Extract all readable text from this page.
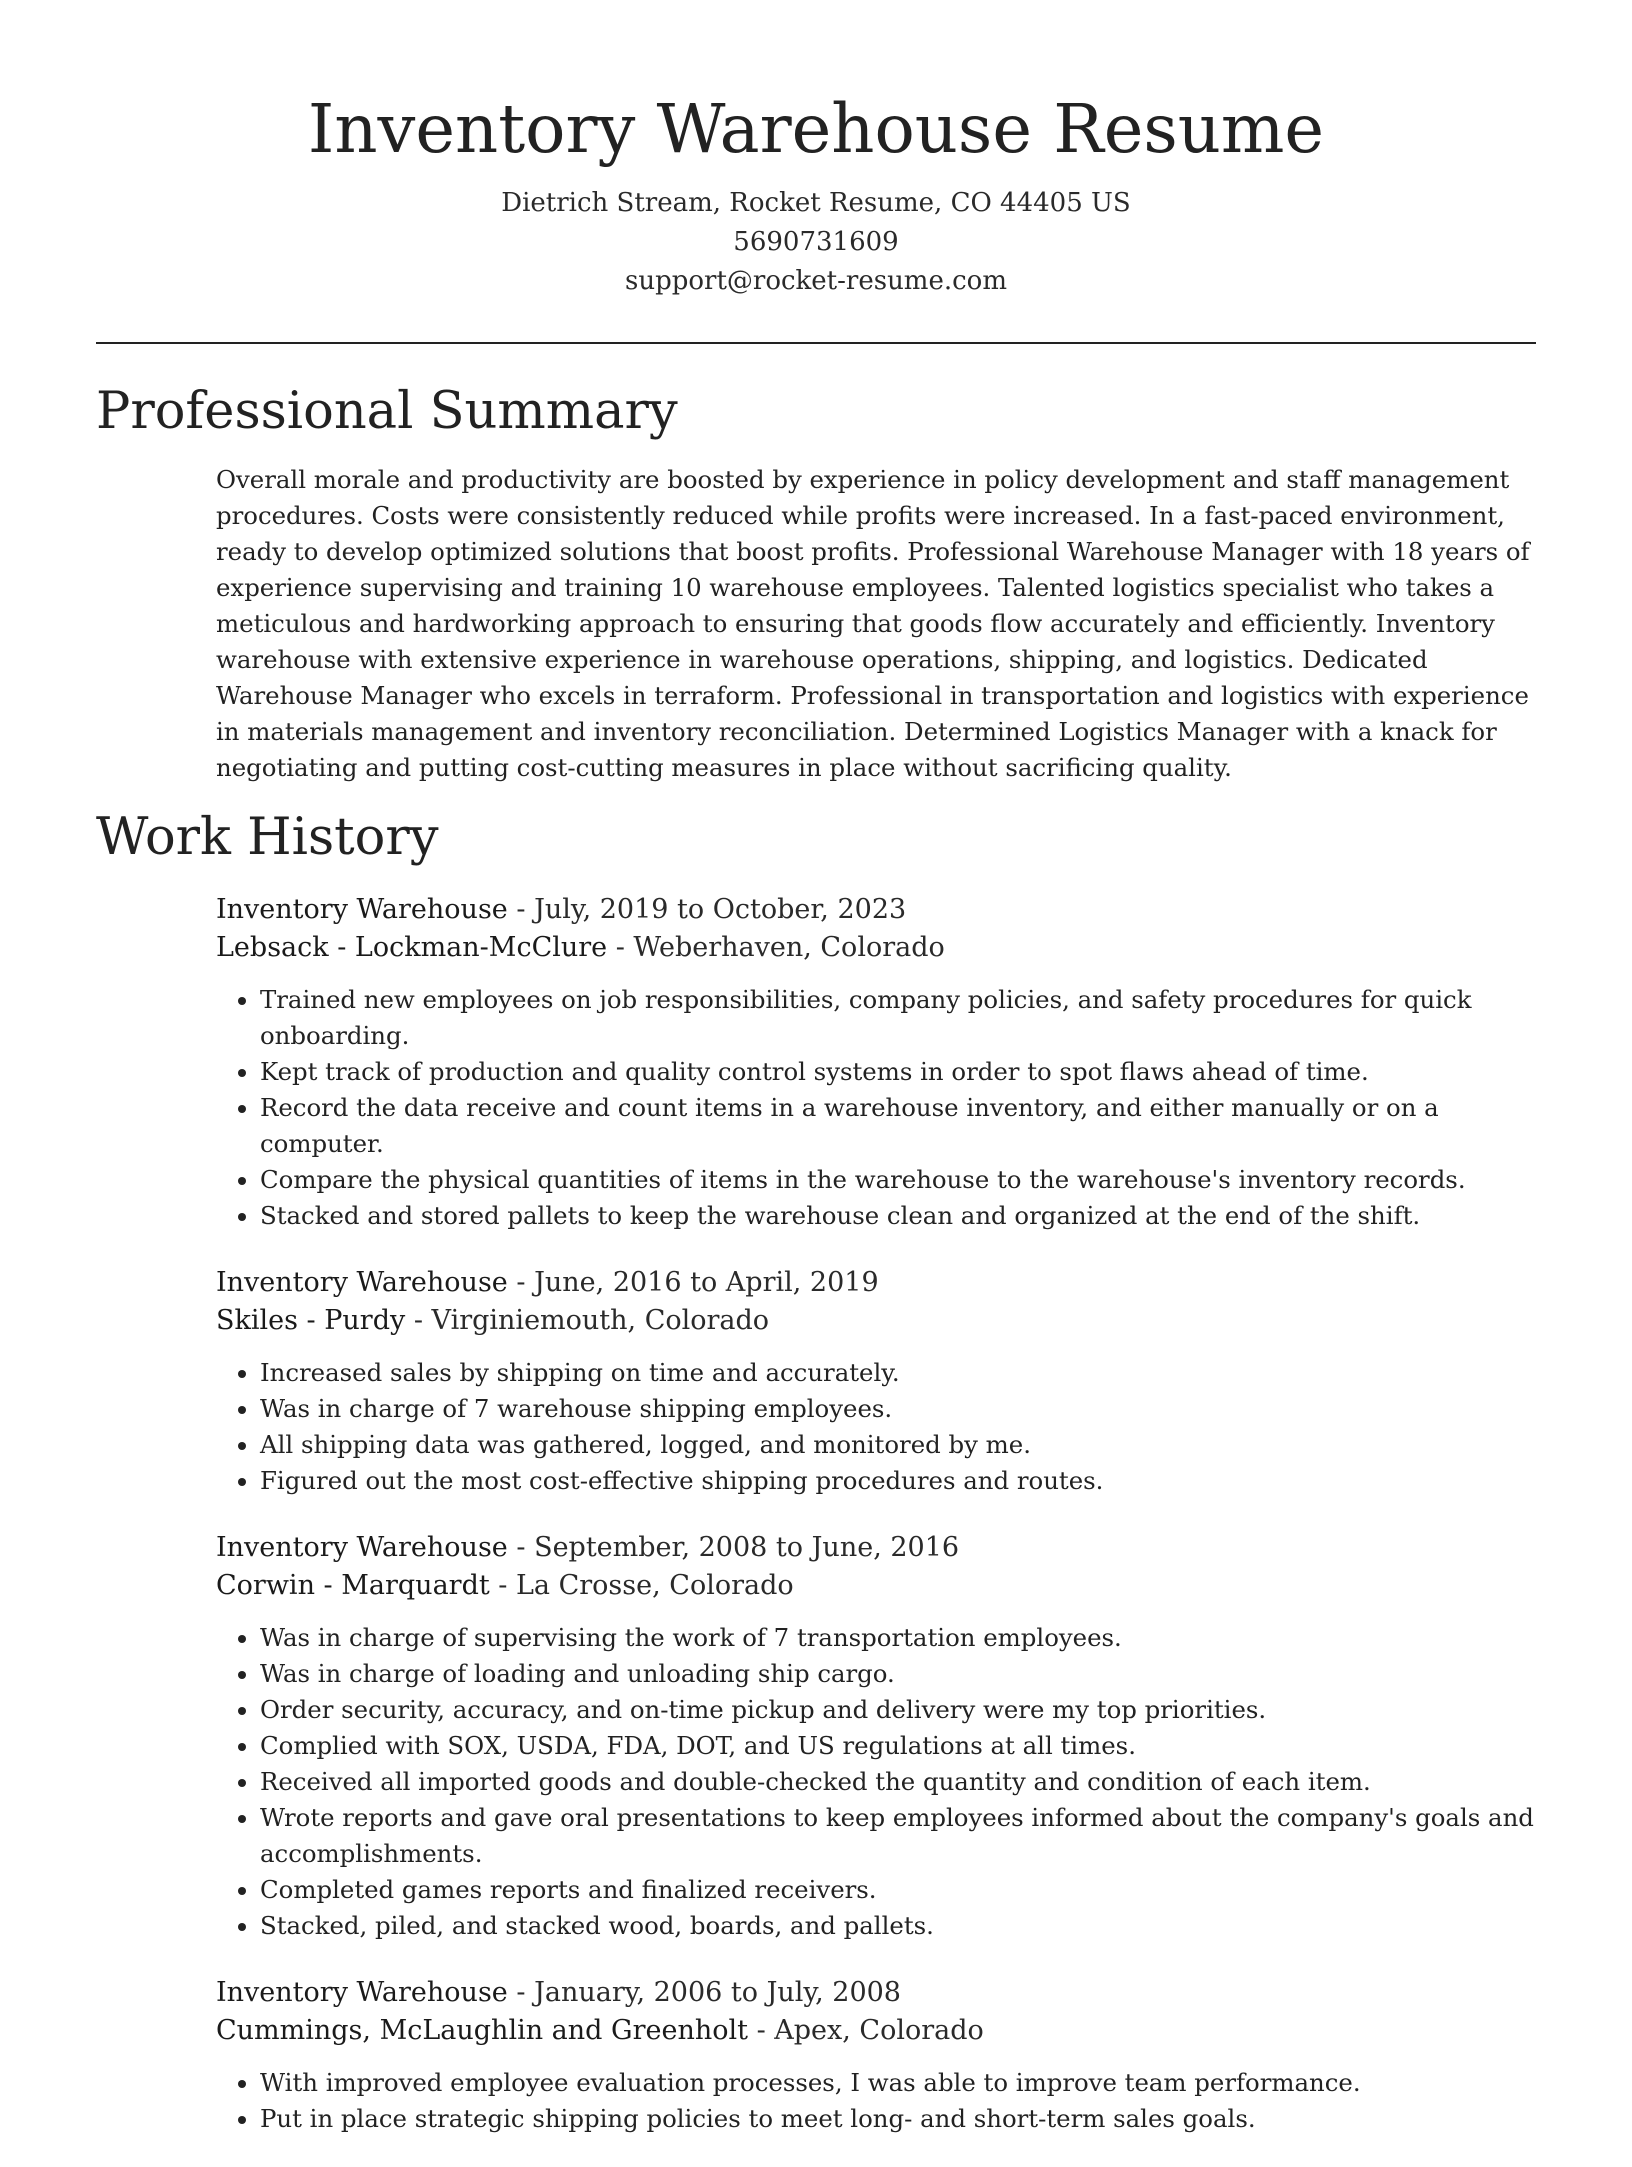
Inventory Warehouse Resume

Dietrich Stream, Rocket Resume, CO 44405 US

5690731609

support@rocket-resume.com

Professional Summary

Overall morale and productivity are boosted by experience in policy development and staff management procedures. Costs were consistently reduced while profits were increased. In a fast-paced environment, ready to develop optimized solutions that boost profits. Professional Warehouse Manager with 18 years of experience supervising and training 10 warehouse employees. Talented logistics specialist who takes a meticulous and hardworking approach to ensuring that goods flow accurately and efficiently. Inventory warehouse with extensive experience in warehouse operations, shipping, and logistics. Dedicated Warehouse Manager who excels in terraform. Professional in transportation and logistics with experience in materials management and inventory reconciliation. Determined Logistics Manager with a knack for negotiating and putting cost-cutting measures in place without sacrificing quality.

Work History

Inventory Warehouse - July, 2019 to October, 2023

Lebsack - Lockman-McClure - Weberhaven, Colorado

• Trained new employees on job responsibilities, company policies, and safety procedures for quick onboarding.
• Kept track of production and quality control systems in order to spot flaws ahead of time.
• Record the data receive and count items in a warehouse inventory, and either manually or on a computer.
• Compare the physical quantities of items in the warehouse to the warehouse's inventory records.
• Stacked and stored pallets to keep the warehouse clean and organized at the end of the shift.

Inventory Warehouse - June, 2016 to April, 2019

Skiles - Purdy - Virginiemouth, Colorado

• Increased sales by shipping on time and accurately.
• Was in charge of 7 warehouse shipping employees.
• All shipping data was gathered, logged, and monitored by me.
• Figured out the most cost-effective shipping procedures and routes.

Inventory Warehouse - September, 2008 to June, 2016

Corwin - Marquardt - La Crosse, Colorado

• Was in charge of supervising the work of 7 transportation employees.
• Was in charge of loading and unloading ship cargo.
• Order security, accuracy, and on-time pickup and delivery were my top priorities.
• Complied with SOX, USDA, FDA, DOT, and US regulations at all times.
• Received all imported goods and double-checked the quantity and condition of each item.
• Wrote reports and gave oral presentations to keep employees informed about the company's goals and accomplishments.
• Completed games reports and finalized receivers.
• Stacked, piled, and stacked wood, boards, and pallets.

Inventory Warehouse - January, 2006 to July, 2008

Cummings, McLaughlin and Greenholt - Apex, Colorado

• With improved employee evaluation processes, I was able to improve team performance.
• Put in place strategic shipping policies to meet long- and short-term sales goals.
